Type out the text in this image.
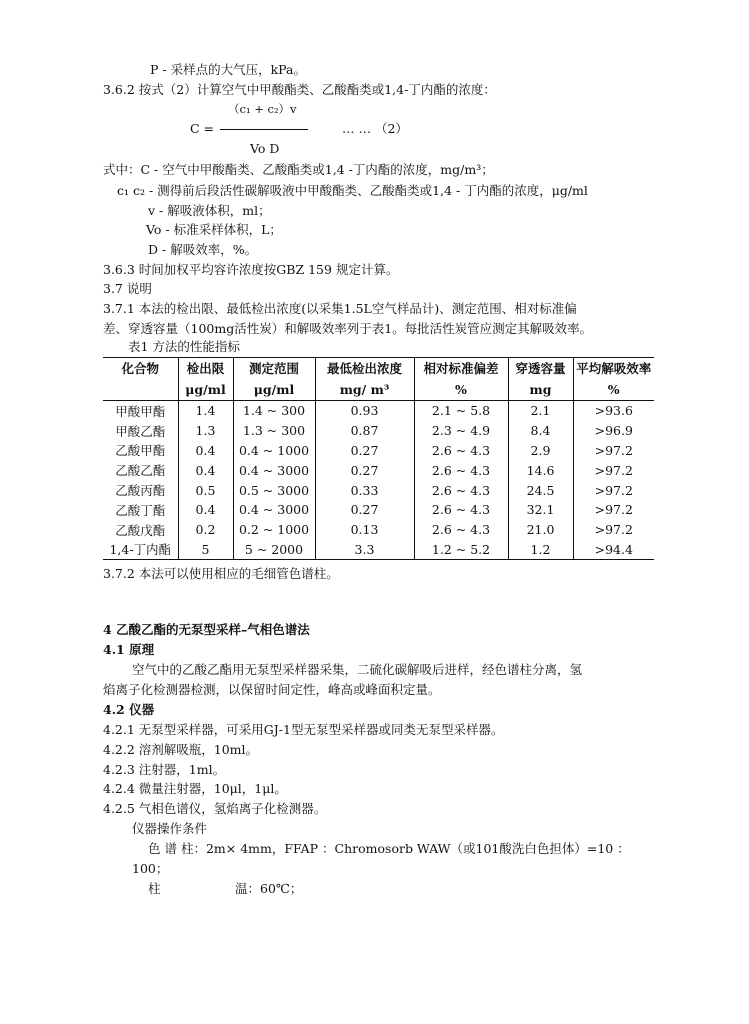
P - 采样点的大气压，kPa。
3.6.2 按式（2）计算空气中甲酸酯类、乙酸酯类或1,4-丁内酯的浓度：
（c₁ + c₂）v
C =	… … （2）
Vo D
式中：C - 空气中甲酸酯类、乙酸酯类或1,4 -丁内酯的浓度，mg/m³；
c₁ c₂ - 测得前后段活性碳解吸液中甲酸酯类、乙酸酯类或1,4 - 丁内酯的浓度，μg/ml
v - 解吸液体积，ml；
Vo - 标准采样体积，L；
D - 解吸效率，%。
3.6.3 时间加权平均容许浓度按GBZ 159 规定计算。
3.7 说明
3.7.1 本法的检出限、最低检出浓度(以采集1.5L空气样品计)、测定范围、相对标准偏
差、穿透容量（100mg活性炭）和解吸效率列于表1。每批活性炭管应测定其解吸效率。
表1 方法的性能指标
化合物	检出限	测定范围	最低检出浓度	相对标准偏差	穿透容量	平均解吸效率
	μg/ml	μg/ml	mg/ m³	%	mg	%
甲酸甲酯	1.4	1.4 ~ 300	0.93	2.1 ~ 5.8	2.1	>93.6
甲酸乙酯	1.3	1.3 ~ 300	0.87	2.3 ~ 4.9	8.4	>96.9
乙酸甲酯	0.4	0.4 ~ 1000	0.27	2.6 ~ 4.3	2.9	>97.2
乙酸乙酯	0.4	0.4 ~ 3000	0.27	2.6 ~ 4.3	14.6	>97.2
乙酸丙酯	0.5	0.5 ~ 3000	0.33	2.6 ~ 4.3	24.5	>97.2
乙酸丁酯	0.4	0.4 ~ 3000	0.27	2.6 ~ 4.3	32.1	>97.2
乙酸戊酯	0.2	0.2 ~ 1000	0.13	2.6 ~ 4.3	21.0	>97.2
1,4-丁内酯	5	5 ~ 2000	3.3	1.2 ~ 5.2	1.2	>94.4
3.7.2 本法可以使用相应的毛细管色谱柱。
4 乙酸乙酯的无泵型采样–气相色谱法
4.1 原理
空气中的乙酸乙酯用无泵型采样器采集，二硫化碳解吸后进样，经色谱柱分离，氢
焰离子化检测器检测，以保留时间定性，峰高或峰面积定量。
4.2 仪器
4.2.1 无泵型采样器，可采用GJ-1型无泵型采样器或同类无泵型采样器。
4.2.2 溶剂解吸瓶，10ml。
4.2.3 注射器，1ml。
4.2.4 微量注射器，10μl，1μl。
4.2.5 气相色谱仪，氢焰离子化检测器。
仪器操作条件
色 谱 柱：2m× 4mm，FFAP ：Chromosorb WAW（或101酸洗白色担体）=10 ：
100；
柱	温：60℃；
